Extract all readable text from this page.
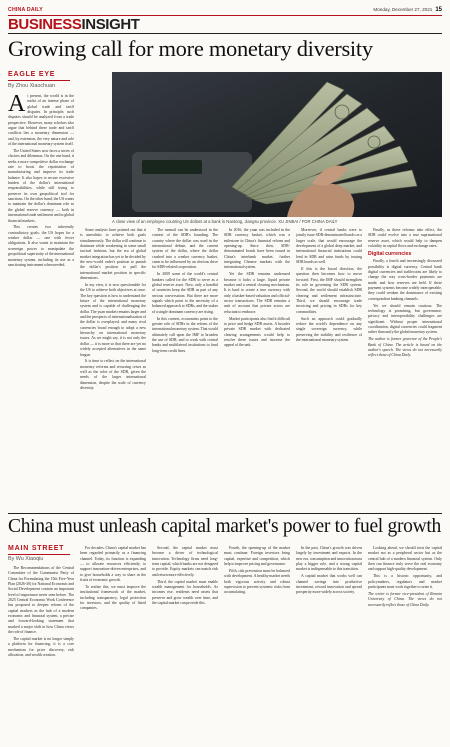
CHINA DAILY	Monday, December 27, 2021 15
BUSINESS INSIGHT
Growing call for more monetary diversity
EAGLE EYE
By Zhou Xiaochuan
A close view of an employee counting US dollars at a bank in Nantong, Jiangsu province. XU JINBAI / FOR CHINA DAILY

At present, the world is in the midst of an intense phase of global trade and tariff disputes. In principle, such disputes should be analyzed from a trade perspective. However, many scholars also argue that behind these trade and tariff conflicts lies a monetary dimension — and, by extension, the very nature and role of the international monetary system itself.

The United States now faces a series of choices and dilemmas. On the one hand, it seeks a more competitive dollar exchange rate to boost the repatriation of manufacturing and improve its trade balance. It also hopes to secure excessive burden of the dollar's international responsibilities, while still trying to preserve its own geopolitical tool for sanctions. On the other hand, the US wants to maintain the dollar's dominant role as the global reserve currency — both in international trade settlement and in global financial markets.

This creates two inherently contradictory goals: the US hopes for a weaker dollar — one with fewer obligations. It also wants to maintain the sovereign power to manipulate the geopolitical superiority of the international monetary system, including its use as a sanctioning instrument when needed.

Some analysts have pointed out that it is unrealistic to achieve both goals simultaneously. The dollar will continue to dominate while weakening in some small tactical fashions, but the era of global market integration has yet to be decided by the new-world order's position to punish the dollar's position to pull the international market position in specific dimensions.

In my view, it is now questionable for the US to achieve both objectives at once. The key question is how to understand the future of the international monetary system and is capable of challenging the dollar. The yuan market remains larger and and the prospects of internationalization of the dollar is overplayed, and many rival currencies broad enough to adopt a new hierarchy on international monetary issues. As we might say, it is not only the dollar — it is more so that there are yet no widely accepted alternatives in the same league.

It is time to reflect on the international monetary reforms and recurring crises as well as the roles of the SDR, given the needs of the larger international dimension, despite the scale of currency diversity.

The turmoil can be understood in the context of the SDR's founding. The country where the dollar was used in the international debate, and the current system of the dollar, where the dollar crashed into a weaker currency basket, came to be influenced by an obvious drive for SDR-related cooperation.

In 2009 some of the world's central bankers called for the SDR to serve as a global reserve asset. Now, only a handful of countries keep the SDR as part of any serious conversation. But there are more signals which point to the necessity of a balanced approach to SDRs, and the stakes of a single dominant currency are rising.

In this context, economists point to the greater role of SDRs in the reform of the international monetary system. That would ultimately call upon the IMF to broaden the use of SDR, and to work with central banks and multilateral institutions to fund long-term credit lines.

In 2016, the yuan was included in the SDR currency basket, which was a milestone in China's financial reform and opening-up. Since then, SDR-denominated bonds have been issued in China's interbank market, further integrating Chinese markets with the international system.

Yet the SDR remains underused because it lacks a large, liquid private market and a central clearing mechanism. It is hard to create a true currency with only a basket-based valuation and official-sector transactions. The SDR remains a unit of account that private actors are reluctant to embrace.

Market participants also find it difficult to price and hedge SDR assets. A broader private SDR market with dedicated clearing arrangements would help to resolve these issues and increase the appeal of the unit.

Moreover, if central banks were to jointly issue SDR-denominated bonds on a larger scale, that would encourage the development of a global deep market, and international financial institutions could lend in SDR and raise funds by issuing SDR bonds as well.

If this is the broad direction, the question then becomes how to move forward. First, the IMF should strengthen its role in governing the SDR system. Second, the world should establish SDR clearing and settlement infrastructure. Third, we should encourage trade invoicing and pricing in SDRs for key commodities.

Such an approach could gradually reduce the world's dependence on any single sovereign currency, while preserving the stability and resilience of the international monetary system.

Finally, as these reforms take effect, the SDR could evolve into a true supranational reserve asset, which would help to dampen volatility in capital flows and exchange rates.

Digital currencies

Finally, a fourth and increasingly discussed possibility is digital currency. Central bank digital currencies and stablecoins are likely to change the way cross-border payments are made, and how reserves are held. If these payment systems become widely interoperable, they could weaken the dominance of existing correspondent banking channels.

Yet we should remain cautious. The technology is promising, but governance, privacy and interoperability challenges are significant. Without proper international coordination, digital currencies could fragment rather than unify the global monetary system.

The author is former governor of the People's Bank of China. The article is based on the author's speech. The views do not necessarily reflect those of China Daily.

China must unleash capital market's power to fuel growth
MAIN STREET
By Wu Xiaoqiu

The Recommendations of the Central Committee of the Communist Party of China for Formulating the 15th Five-Year Plan (2026-30) for National Economic and Social Development contain an important level of importance never seen before. The 2025 Central Economic Work Conference has proposed to deepen reform of the capital markets as the hub of a modern economic and financial system, a precise and forward-looking statement that marked a major shift in how China views the role of finance.

The capital market is no longer simply a platform for financing; it is a core mechanism for price discovery, risk allocation, and wealth creation.

For decades, China's capital market has been regarded primarily as a financing channel. Today, its function is expanding — to allocate resources efficiently, to support innovation-driven enterprises, and to give households a way to share in the fruits of economic growth.

To realize this, we must improve the institutional framework of the market, including transparency, legal protection for investors, and the quality of listed companies.

Second, the capital market must become a driver of technological innovation. Technology firms need long-term capital, which banks are not designed to provide. Equity markets can match risk and return more effectively.

Third, the capital market must enable wealth management for households. As incomes rise, residents need assets that preserve and grow wealth over time, and the capital market can provide this.

Fourth, the opening-up of the market must continue. Foreign investors bring capital, expertise and competition, which help to improve pricing and governance.

Fifth, risk prevention must be balanced with development. A healthy market needs both vigorous activity and robust supervision to prevent systemic risks from accumulating.

In the past, China's growth was driven largely by investment and exports. In the new era, consumption and innovation must play a bigger role, and a strong capital market is indispensable to this transition.

A capital market that works well can channel savings into productive investment, reward innovation and spread prosperity more widely across society.

Looking ahead, we should treat the capital market not as a peripheral sector but as the central hub of a modern financial system. Only then can finance truly serve the real economy and support high-quality development.

This is a historic opportunity, and policymakers, regulators and market participants must work together to seize it.

The writer is former vice-president of Renmin University of China. The views do not necessarily reflect those of China Daily.
